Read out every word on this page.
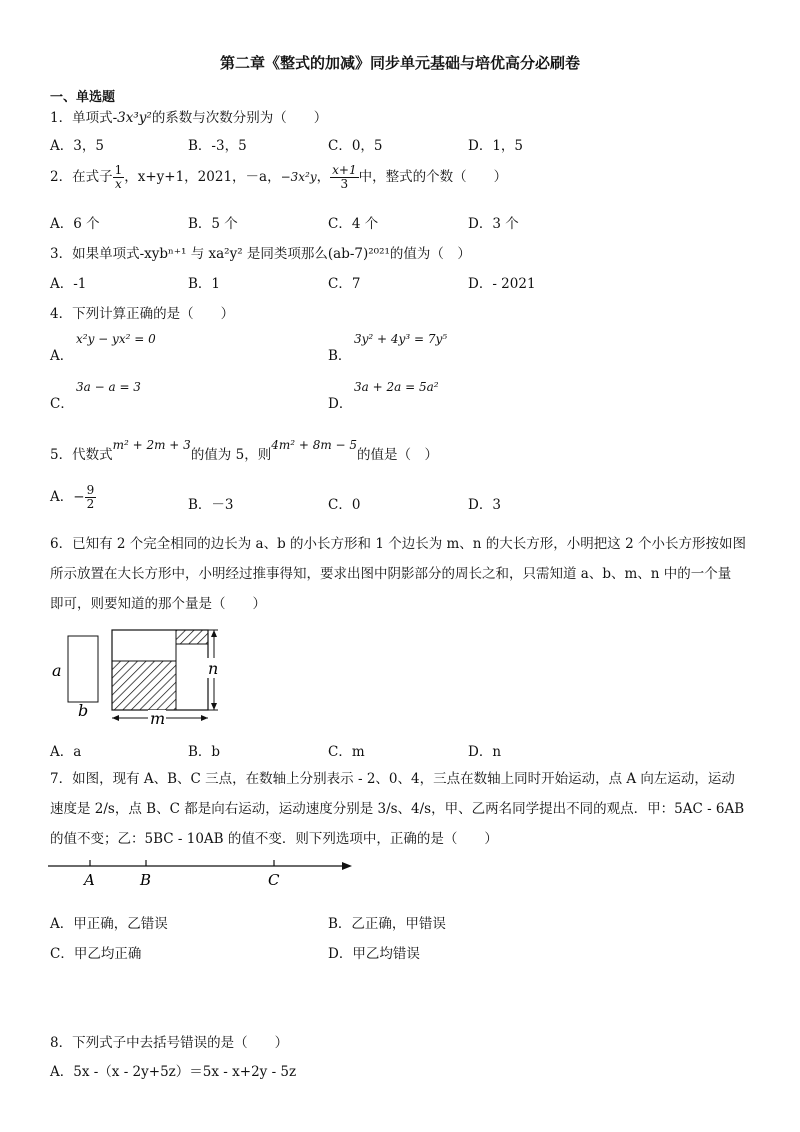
第二章《整式的加减》同步单元基础与培优高分必刷卷
一、单选题
1．单项式-3x³y²的系数与次数分别为（　　）
A．3，5	B．-3，5	C．0，5	D．1，5
2．在式子 $\frac{1}{x}$ ，x+y+1，2021，－a，−3x²y， $\frac{x+1}{3}$ 中，整式的个数（　　）
A．6 个	B．5 个	C．4 个	D．3 个
3．如果单项式-xybⁿ⁺¹ 与 xa²y² 是同类项那么(ab-7)²⁰²¹的值为（　）
A．-1	B．1	C．7	D．- 2021
4．下列计算正确的是（　　）
A．
x²y − yx² = 0
B．
3y² + 4y³ = 7y⁵
C．
3a − a = 3
D．
3a + 2a = 5a²
5．代数式m² + 2m + 3的值为 5，则4m² + 8m − 5的值是（　）
A．− $\frac{9}{2}$	B．－3	C．0	D．3
6．已知有 2 个完全相同的边长为 a、b 的小长方形和 1 个边长为 m、n 的大长方形，小明把这 2 个小长方形按如图
所示放置在大长方形中，小明经过推事得知，要求出图中阴影部分的周长之和，只需知道 a、b、m、n 中的一个量
即可，则要知道的那个量是（　　）
a
b
n
m
A．a	B．b	C．m	D．n
7．如图，现有 A、B、C 三点，在数轴上分别表示 - 2、0、4，三点在数轴上同时开始运动，点 A 向左运动，运动
速度是 2/s，点 B、C 都是向右运动，运动速度分别是 3/s、4/s，甲、乙两名同学提出不同的观点．甲：5AC - 6AB
的值不变；乙：5BC - 10AB 的值不变．则下列选项中，正确的是（　　）
A	B	C
A．甲正确，乙错误	B．乙正确，甲错误
C．甲乙均正确	D．甲乙均错误
8．下列式子中去括号错误的是（　　）
A．5x -（x - 2y+5z）＝5x - x+2y - 5z
